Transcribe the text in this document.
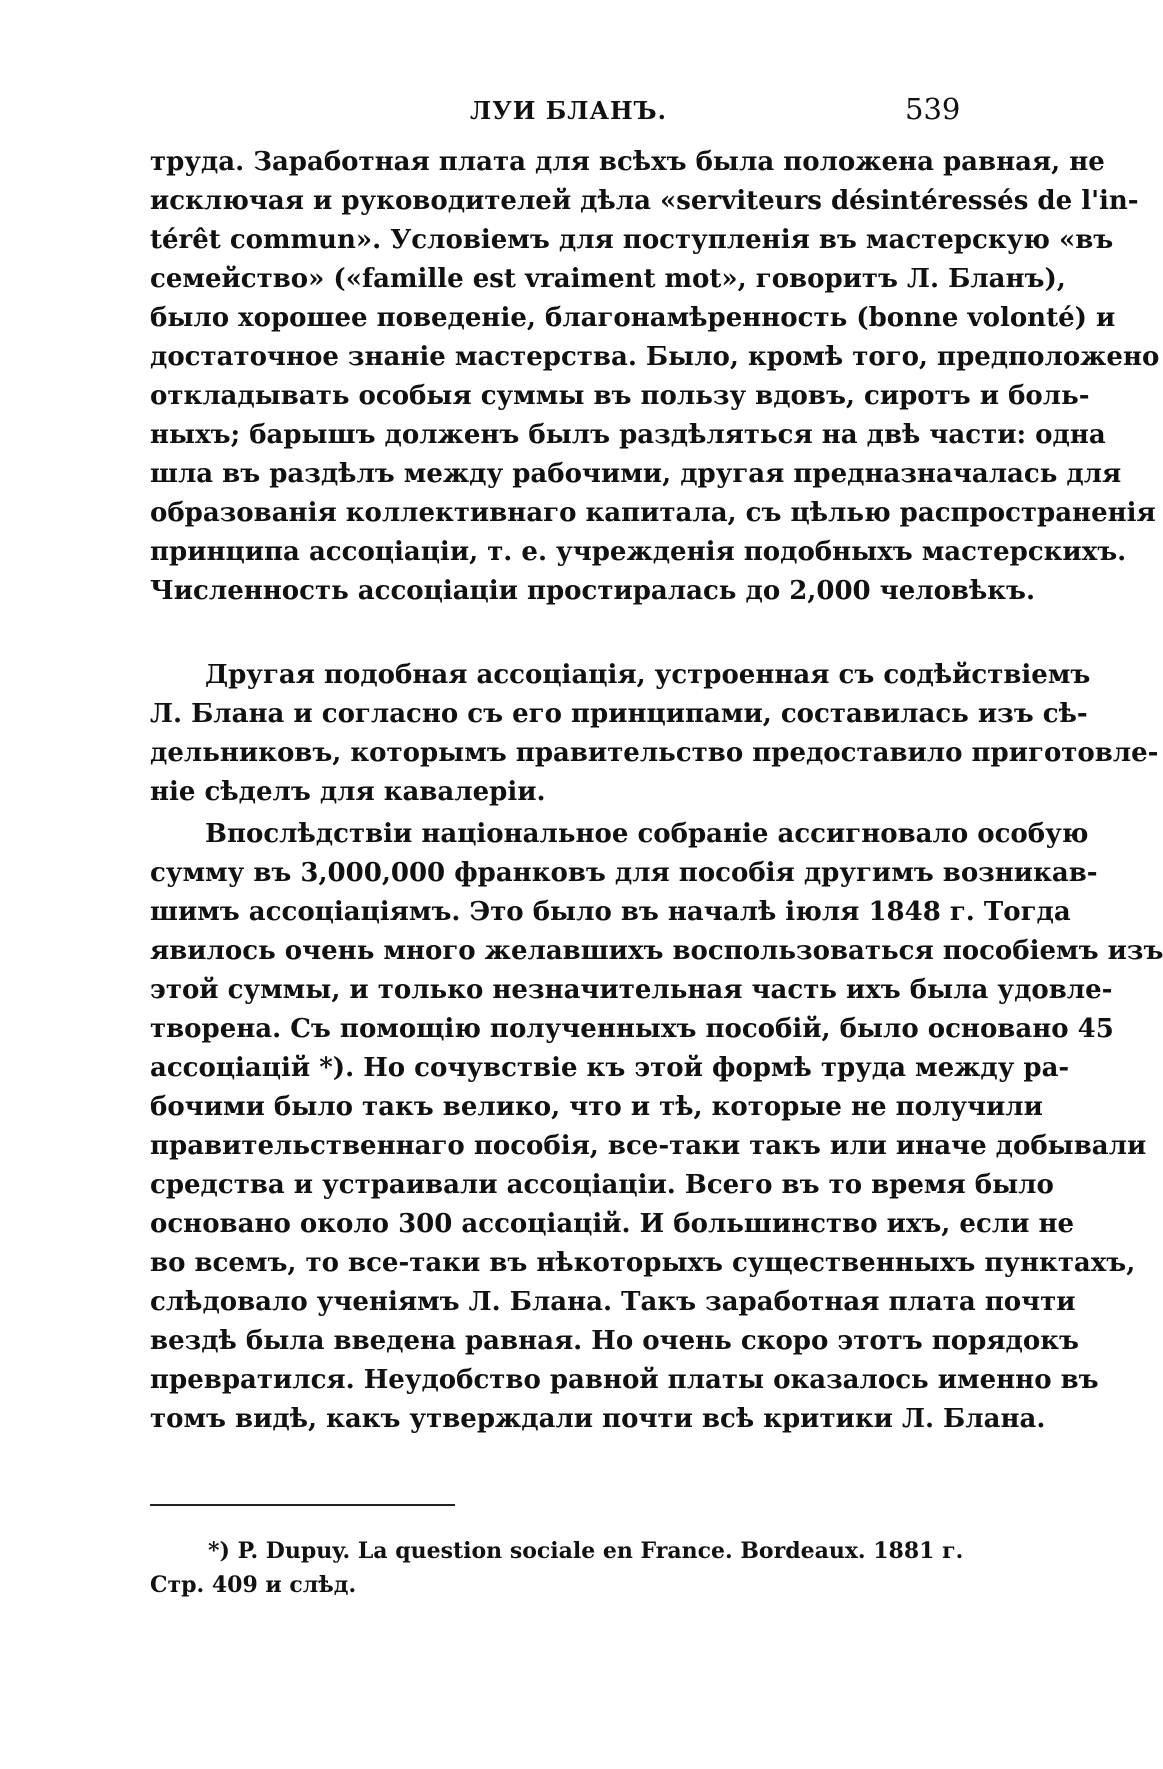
ЛУИ БЛАНЪ.	539
труда. Заработная плата для всѣхъ была положена равная, не
исключая и руководителей дѣла «serviteurs désintéressés de l'in-
térêt commun». Условіемъ для поступленія въ мастерскую «въ
семейство» («famille est vraiment mot», говоритъ Л. Бланъ),
было хорошее поведеніе, благонамѣренность (bonne volonté) и
достаточное знаніе мастерства. Было, кромѣ того, предположено
откладывать особыя суммы въ пользу вдовъ, сиротъ и боль-
ныхъ; барышъ долженъ былъ раздѣляться на двѣ части: одна
шла въ раздѣлъ между рабочими, другая предназначалась для
образованія коллективнаго капитала, съ цѣлью распространенія
принципа ассоціаціи, т. е. учрежденія подобныхъ мастерскихъ.
Численность ассоціаціи простиралась до 2,000 человѣкъ.
Другая подобная ассоціація, устроенная съ содѣйствіемъ
Л. Блана и согласно съ его принципами, составилась изъ сѣ-
дельниковъ, которымъ правительство предоставило приготовле-
ніе сѣделъ для кавалеріи.
Впослѣдствіи національное собраніе ассигновало особую
сумму въ 3,000,000 франковъ для пособія другимъ возникав-
шимъ ассоціаціямъ. Это было въ началѣ іюля 1848 г. Тогда
явилось очень много желавшихъ воспользоваться пособіемъ изъ
этой суммы, и только незначительная часть ихъ была удовле-
творена. Съ помощію полученныхъ пособій, было основано 45
ассоціацій *). Но сочувствіе къ этой формѣ труда между ра-
бочими было такъ велико, что и тѣ, которые не получили
правительственнаго пособія, все-таки такъ или иначе добывали
средства и устраивали ассоціаціи. Всего въ то время было
основано около 300 ассоціацій. И большинство ихъ, если не
во всемъ, то все-таки въ нѣкоторыхъ существенныхъ пунктахъ,
слѣдовало ученіямъ Л. Блана. Такъ заработная плата почти
вездѣ была введена равная. Но очень скоро этотъ порядокъ
превратился. Неудобство равной платы оказалось именно въ
томъ видѣ, какъ утверждали почти всѣ критики Л. Блана.
*) P. Dupuy. La question sociale en France. Bordeaux. 1881 г.
Стр. 409 и слѣд.
